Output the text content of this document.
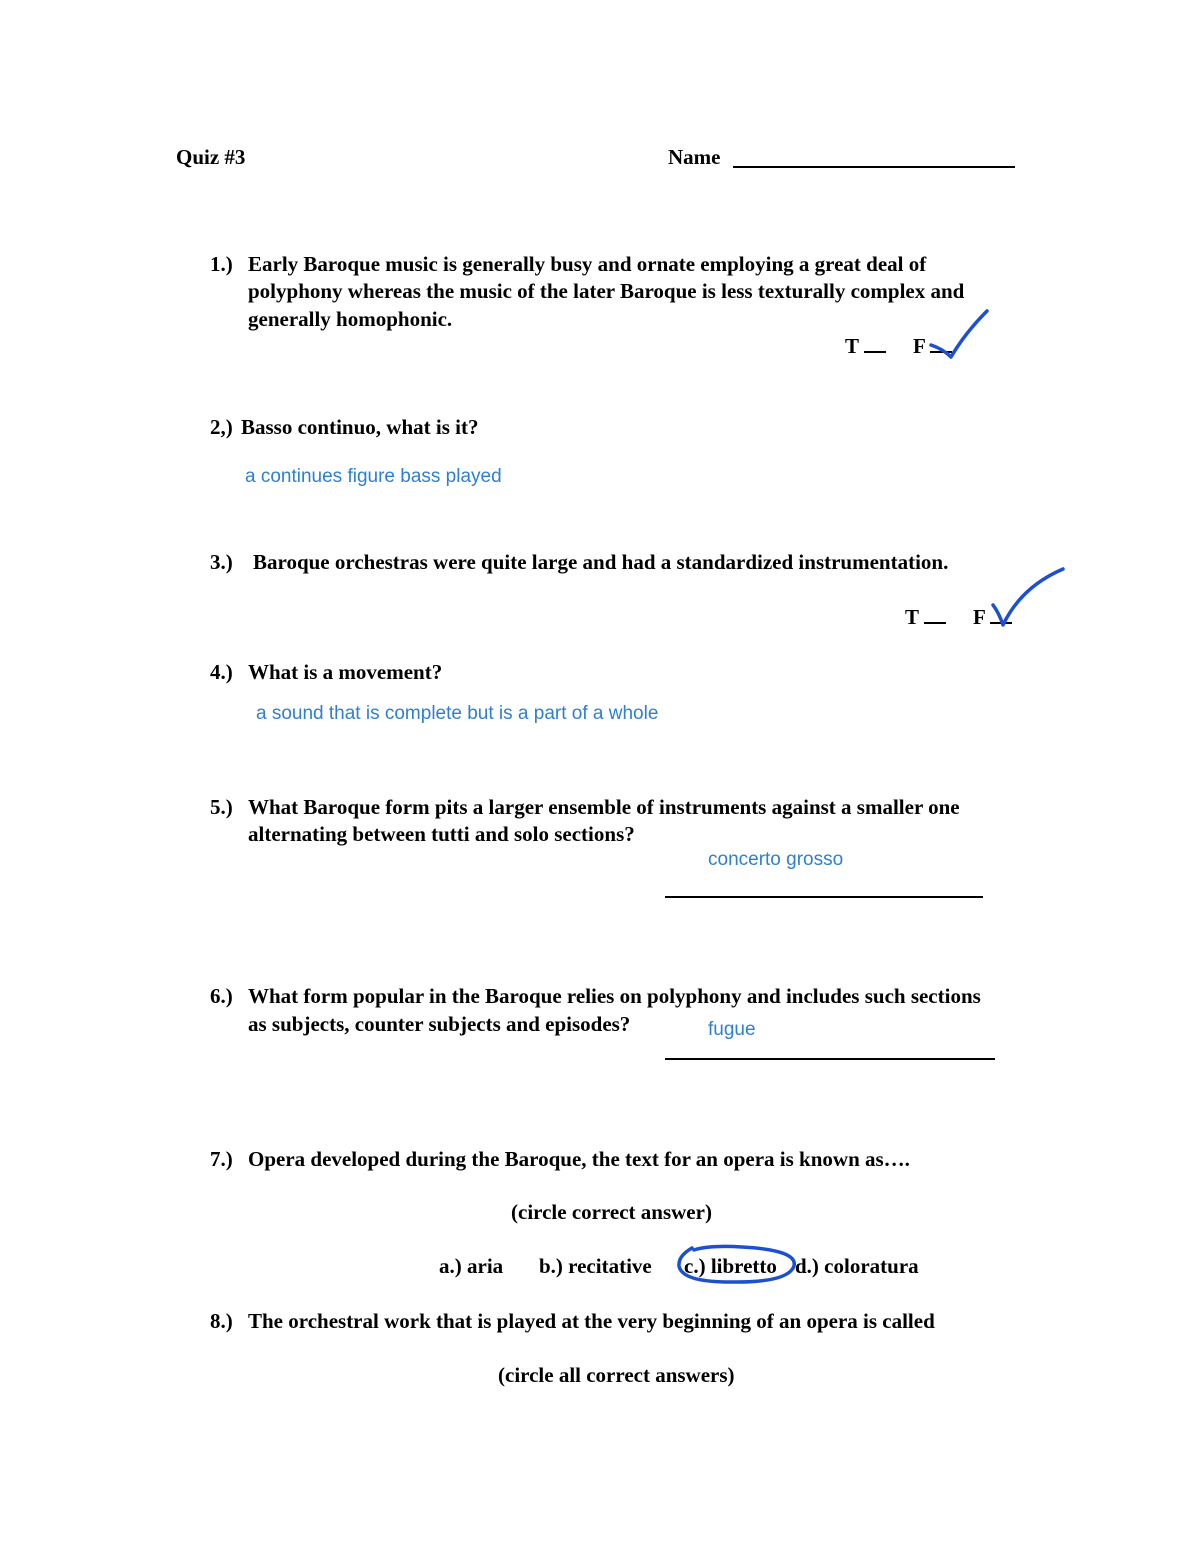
Quiz #3	Name
1.) Early Baroque music is generally busy and ornate employing a great deal of
polyphony whereas the music of the later Baroque is less texturally complex and
generally homophonic.
T	F
2,) Basso continuo, what is it?
a continues figure bass played
3.) Baroque orchestras were quite large and had a standardized instrumentation.
T	F
4.) What is a movement?
a sound that is complete but is a part of a whole
5.) What Baroque form pits a larger ensemble of instruments against a smaller one
alternating between tutti and solo sections?
concerto grosso
6.) What form popular in the Baroque relies on polyphony and includes such sections
as subjects, counter subjects and episodes?	fugue
7.) Opera developed during the Baroque, the text for an opera is known as….
(circle correct answer)
a.) aria b.) recitative c.) libretto d.) coloratura
8.) The orchestral work that is played at the very beginning of an opera is called
(circle all correct answers)
